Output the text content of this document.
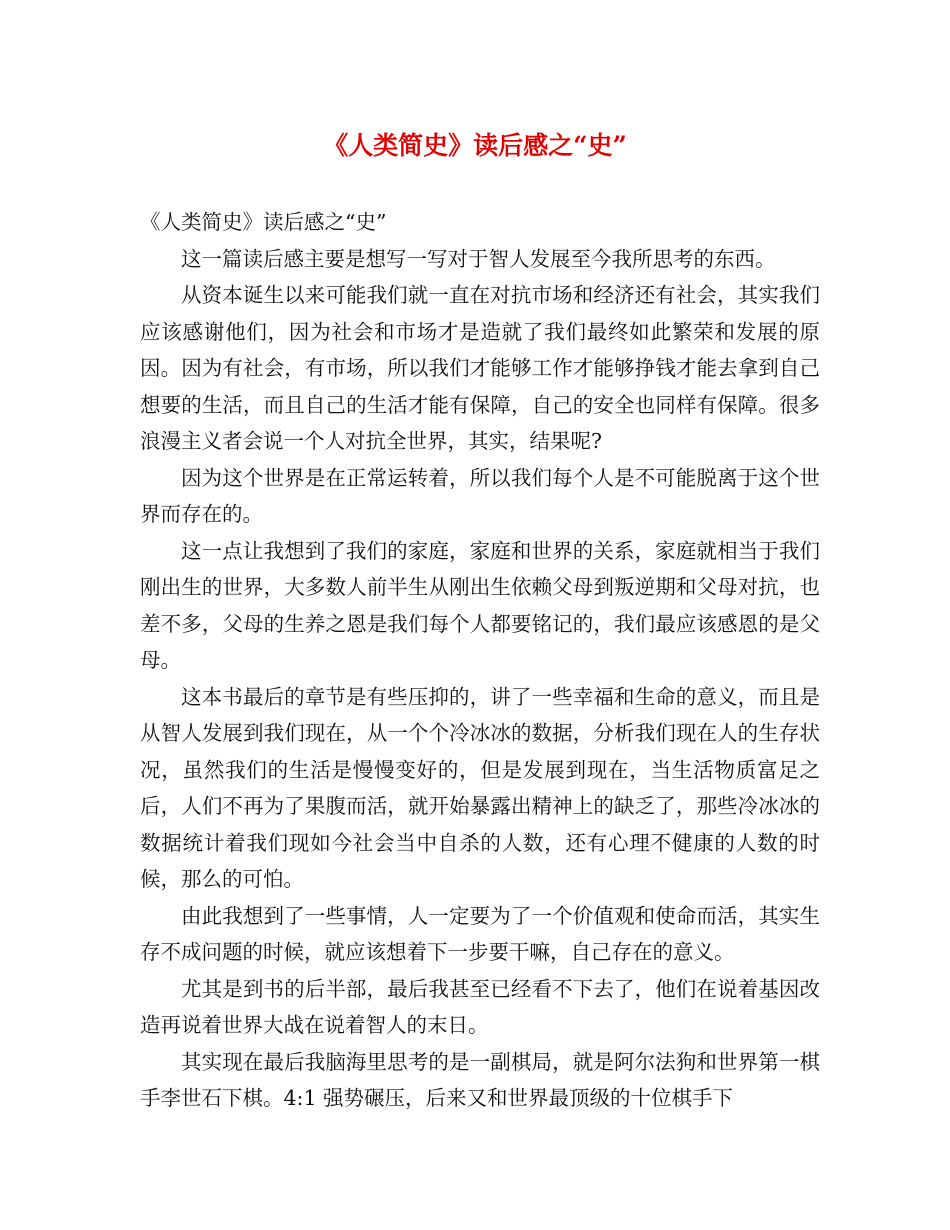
《人类简史》读后感之“史”

《人类简史》读后感之“史”

这一篇读后感主要是想写一写对于智人发展至今我所思考的东西。

从资本诞生以来可能我们就一直在对抗市场和经济还有社会，其实我们应该感谢他们，因为社会和市场才是造就了我们最终如此繁荣和发展的原因。因为有社会，有市场，所以我们才能够工作才能够挣钱才能去拿到自己想要的生活，而且自己的生活才能有保障，自己的安全也同样有保障。很多浪漫主义者会说一个人对抗全世界，其实，结果呢?

因为这个世界是在正常运转着，所以我们每个人是不可能脱离于这个世界而存在的。

这一点让我想到了我们的家庭，家庭和世界的关系，家庭就相当于我们刚出生的世界，大多数人前半生从刚出生依赖父母到叛逆期和父母对抗，也差不多，父母的生养之恩是我们每个人都要铭记的，我们最应该感恩的是父母。

这本书最后的章节是有些压抑的，讲了一些幸福和生命的意义，而且是从智人发展到我们现在，从一个个冷冰冰的数据，分析我们现在人的生存状况，虽然我们的生活是慢慢变好的，但是发展到现在，当生活物质富足之后，人们不再为了果腹而活，就开始暴露出精神上的缺乏了，那些冷冰冰的数据统计着我们现如今社会当中自杀的人数，还有心理不健康的人数的时候，那么的可怕。

由此我想到了一些事情，人一定要为了一个价值观和使命而活，其实生存不成问题的时候，就应该想着下一步要干嘛，自己存在的意义。

尤其是到书的后半部，最后我甚至已经看不下去了，他们在说着基因改造再说着世界大战在说着智人的末日。

其实现在最后我脑海里思考的是一副棋局，就是阿尔法狗和世界第一棋手李世石下棋。4:1 强势碾压，后来又和世界最顶级的十位棋手下
